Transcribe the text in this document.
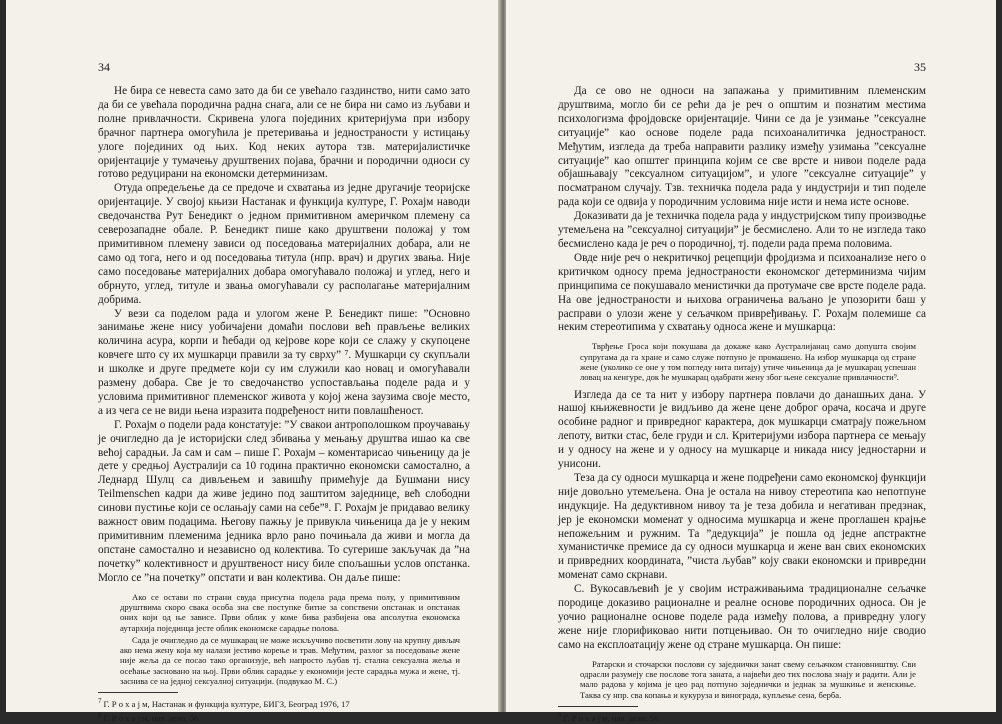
34

Не бира се невеста само зато да би се увећало газдинство, нити само зато да би се увећала породична радна снага, али се не бира ни само из љубави и полне привлачности. Скривена улога појединих критеријума при избору брачног партнера омогућила је претеривања и једностраности у истицању улоге појединих од њих. Код неких аутора тзв. материјалистичке оријентације у тумачењу друштвених појава, брачни и породични односи су готово редуцирани на економски детерминизам.

Отуда опредељење да се предоче и схватања из једне другачије теоријске оријентације. У својој књизи Настанак и функција културе, Г. Рохајм наводи сведочанства Рут Бенедикт о једном примитивном америчком племену са северозападне обале. Р. Бенедикт пише како друштвени положај у том примитивном племену зависи од поседовања материјалних добара, али не само од тога, него и од поседовања титула (нпр. врач) и других звања. Није само поседовање материјалних добара омогућавало положај и углед, него и обрнуто, углед, титуле и звања омогућавали су располагање материјалним добрима.

У вези са поделом рада и улогом жене Р. Бенедикт пише: ”Основно занимање жене нису уобичајени домаћи послови већ прављење великих количина асура, корпи и ћебади од кејрове коре који се слажу у скупоцене ковчеге што су их мушкарци правили за ту сврху” ⁷. Мушкарци су скупљали и школке и друге предмете који су им служили као новац и омогућавали размену добара. Све је то сведочанство успостављања поделе рада и у условима примитивног племенског живота у којој жена заузима своје место, а из чега се не види њена изразита подређеност нити повлашћеност.

Г. Рохајм о подели рада констатује: ”У свакои антрополошком проучавању је очигледно да је историјски след збивања у мењању друштва ишао ка све већој сарадњи. Ја сам и сам – пише Г. Рохајм – коментарисао чињеницу да је дете у средњој Аустралији са 10 година практично економски самостално, а Леднард Шулц са дивљењем и завишћу примећује да Бушмани нису Teilmenschen кадри да живе једино под заштитом заједнице, већ слободни синови пустиње који се ослањају сами на себе”⁸. Г. Рохајм је придавао велику важност овим подацима. Његову пажњу је привукла чињеница да је у неким примитивним племенима једника врло рано почињала да живи и могла да опстане самостално и независно од колектива. То сугерише закључак да ”на почетку” колективност и друштвеност нису биле спољашњи услов опстанка. Могло се ”на почетку” опстати и ван колектива. Он даље пише:

Ако се остави по страни свуда присутна подела рада према полу, у примитивним друштвима скоро свака особа зна све поступке битне за сопствени опстанак и опстанак оних који од ње зависе. Први облик у коме бива разбијена ова апсолутна економска аутархија појединца јесте облик економске сарадње полова.

Сада је очигледно да се мушкарац не може искључиво посветити лову на крупну дивљач ако нема жену која му налази јестиво корење и трав. Међутим, разлог за поседовање жене није жеља да се посао тако организује, већ напросто љубав тј. стална сексуална жеља и осећање засновано на њој. Први облик сарадње у економији јесте сарадња мужа и жене, тј. заснива се на једној сексуалној ситуацији. (подвукао М. С.)

$^7$ Г. Р о х а ј м, Настанак и функција културе, БИГЗ, Београд 1976, 17

$^8$ Г. Р о̀ х а ј м, нав. дело, 56.

35

Да се ово не односи на запажања у примитивним племенским друштвима, могло би се рећи да је реч о општим и познатим местима психологизма фројдовске оријентације. Чини се да је узимање ”сексуалне ситуације” као основе поделе рада психоаналитичка једностраност. Међутим, изгледа да треба направити разлику између узимања ”сексуалне ситуације” као општег принципа којим се све врсте и нивои поделе рада објашњавају ”сексуалном ситуацијом”, и улоге ”сексуалне ситуације” у посматраном случају. Тзв. техничка подела рада у индустрији и тип поделе рада који се одвија у породичним условима није исти и нема исте основе.

Доказивати да је техничка подела рада у индустријском типу производње утемељена на ”сексуалној ситуацији” је бесмислено. Али то не изгледа тако бесмислено када је реч о породичној, тј. подели рада према половима.

Овде није реч о некритичкој рецепцији фројдизма и психоанализе него о критичком односу према једностраности економског детерминизма чијим принципима се покушавало менистички да протумаче све врсте поделе рада. На ове једностраности и њихова ограничења ваљано је упозорити баш у расправи о улози жене у сељачком привређивању. Г. Рохајм полемише са неким стереотипима у схватању односа жене и мушкарца:

Тврђење Гроса који покушава да докаже како Аустралијанац само допушта својим супругама да га хране и само служе потпуно је промашено. На избор мушкарца од стране жене (уколико се оне у том погледу нита питају) утиче чињеница да је мушкарац успешан ловац на кенгуре, док ће мушкарац одабрати жену због њене сексуалне привлачности⁹.

Изгледа да се та нит у избору партнера повлачи до данашњих дана. У нашој књижевности је видљиво да жене цене доброг орача, косача и друге особине радног и привредног карактера, док мушкарци сматрају пожељном лепоту, витки стас, беле груди и сл. Критеријуми избора партнера се мењају и у односу на жене и у односу на мушкарце и никада нису једностарни и унисони.

Теза да су односи мушкарца и жене подређени само економској функцији није довољно утемељена. Она је остала на нивоу стереотипа као непотпуне индукције. На дедуктивном нивоу та је теза добила и негативан предзнак, јер је економски моменат у односима мушкарца и жене проглашен крајње непожељним и ружним. Та ”дедукција” је пошла од једне апстрактне хуманистичке премисе да су односи мушкарца и жене ван свих економских и привредних координата, ”чиста љубав” коју сваки економски и привредни моменат само скрнави.

С. Вукосављевић је у својим истраживањима традиционалне сељачке породице доказиво рационалне и реалне основе породичних односа. Он је уочио рационалне основе поделе рада између полова, а привредну улогу жене није глорификовао нити потцењивао. Он то очигледно није сводио само на експлоатацију жене од стране мушкарца. Он пише:

Ратарски и сточарски послови су заједнички занат свему сељачком становништву. Сви одрасли разумеју све послове тога заната, а највећи део тих послова знају и радити. Али је мало радова у којима је цео рад потпуно заједнички и једнак за мушкиње и женскиње. Таква су нпр. сва копања и кукуруза и винограда, купљење сена, берба.

$^9$ Г. Р о̀ х а ј м, нав. дело, 56.
